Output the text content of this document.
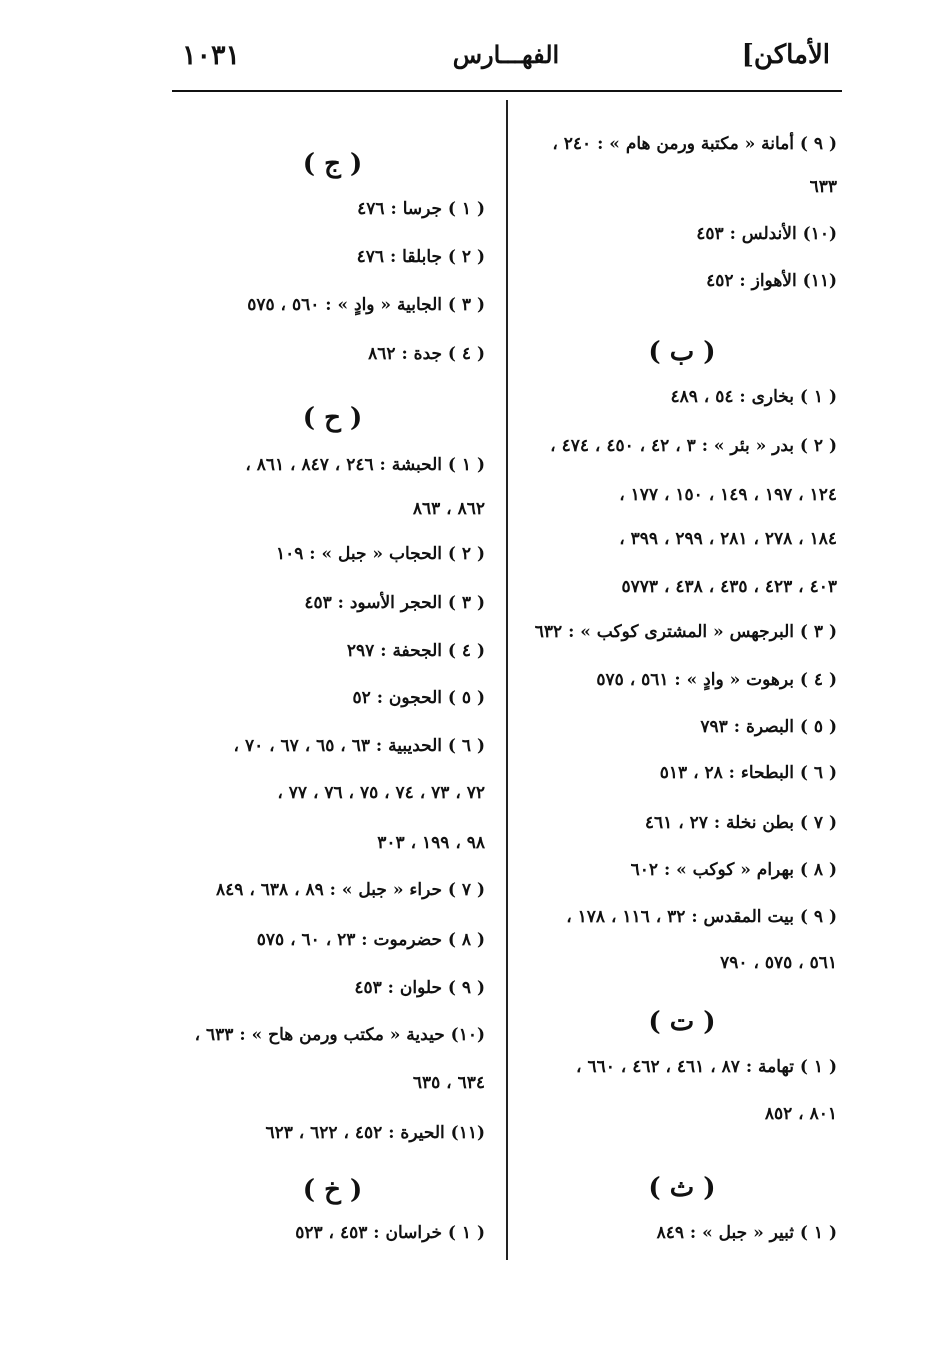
١٠٣١	الفهـــارس	الأماكن]
( ٩ ) أمانة « مكتبة ورمن هام » : ٢٤٠ ،
٦٣٣
(١٠) الأندلس : ٤٥٣
(١١) الأهواز : ٤٥٢
( ب )
( ١ ) بخارى : ٥٤ ، ٤٨٩
( ٢ ) بدر « بئر » : ٣ ، ٤٢ ، ٤٥٠ ، ٤٧٤ ،
١٢٤ ، ١٩٧ ، ١٤٩ ، ١٥٠ ، ١٧٧ ،
١٨٤ ، ٢٧٨ ، ٢٨١ ، ٢٩٩ ، ٣٩٩ ،
٤٠٣ ، ٤٢٣ ، ٤٣٥ ، ٤٣٨ ، ٥٧٧٣
( ٣ ) البرجهس « المشترى كوكب » : ٦٣٢
( ٤ ) برهوت « وادٍ » : ٥٦١ ، ٥٧٥
( ٥ ) البصرة : ٧٩٣
( ٦ ) البطحاء : ٢٨ ، ٥١٣
( ٧ ) بطن نخلة : ٢٧ ، ٤٦١
( ٨ ) بهرام « كوكب » : ٦٠٢
( ٩ ) بيت المقدس : ٣٢ ، ١١٦ ، ١٧٨ ،
٥٦١ ، ٥٧٥ ، ٧٩٠
( ت )
( ١ ) تهامة : ٨٧ ، ٤٦١ ، ٤٦٢ ، ٦٦٠ ،
٨٠١ ، ٨٥٢
( ث )
( ١ ) ثبير « جبل » : ٨٤٩
( ج )
( ١ ) جرسا : ٤٧٦
( ٢ ) جابلقا : ٤٧٦
( ٣ ) الجابية « وادٍ » : ٥٦٠ ، ٥٧٥
( ٤ ) جدة : ٨٦٢
( ح )
( ١ ) الحبشة : ٢٤٦ ، ٨٤٧ ، ٨٦١ ،
٨٦٢ ، ٨٦٣
( ٢ ) الحجاب « جبل » : ١٠٩
( ٣ ) الحجر الأسود : ٤٥٣
( ٤ ) الجحفة : ٢٩٧
( ٥ ) الحجون : ٥٢
( ٦ ) الحديبية : ٦٣ ، ٦٥ ، ٦٧ ، ٧٠ ،
٧٢ ، ٧٣ ، ٧٤ ، ٧٥ ، ٧٦ ، ٧٧ ،
٩٨ ، ١٩٩ ، ٣٠٣
( ٧ ) حراء « جبل » : ٨٩ ، ٦٣٨ ، ٨٤٩
( ٨ ) حضرموت : ٢٣ ، ٦٠ ، ٥٧٥
( ٩ ) حلوان : ٤٥٣
(١٠) حيدية « مكتب ورمن هاح » : ٦٣٣ ،
٦٣٤ ، ٦٣٥
(١١) الحيرة : ٤٥٢ ، ٦٢٢ ، ٦٢٣
( خ )
( ١ ) خراسان : ٤٥٣ ، ٥٢٣
